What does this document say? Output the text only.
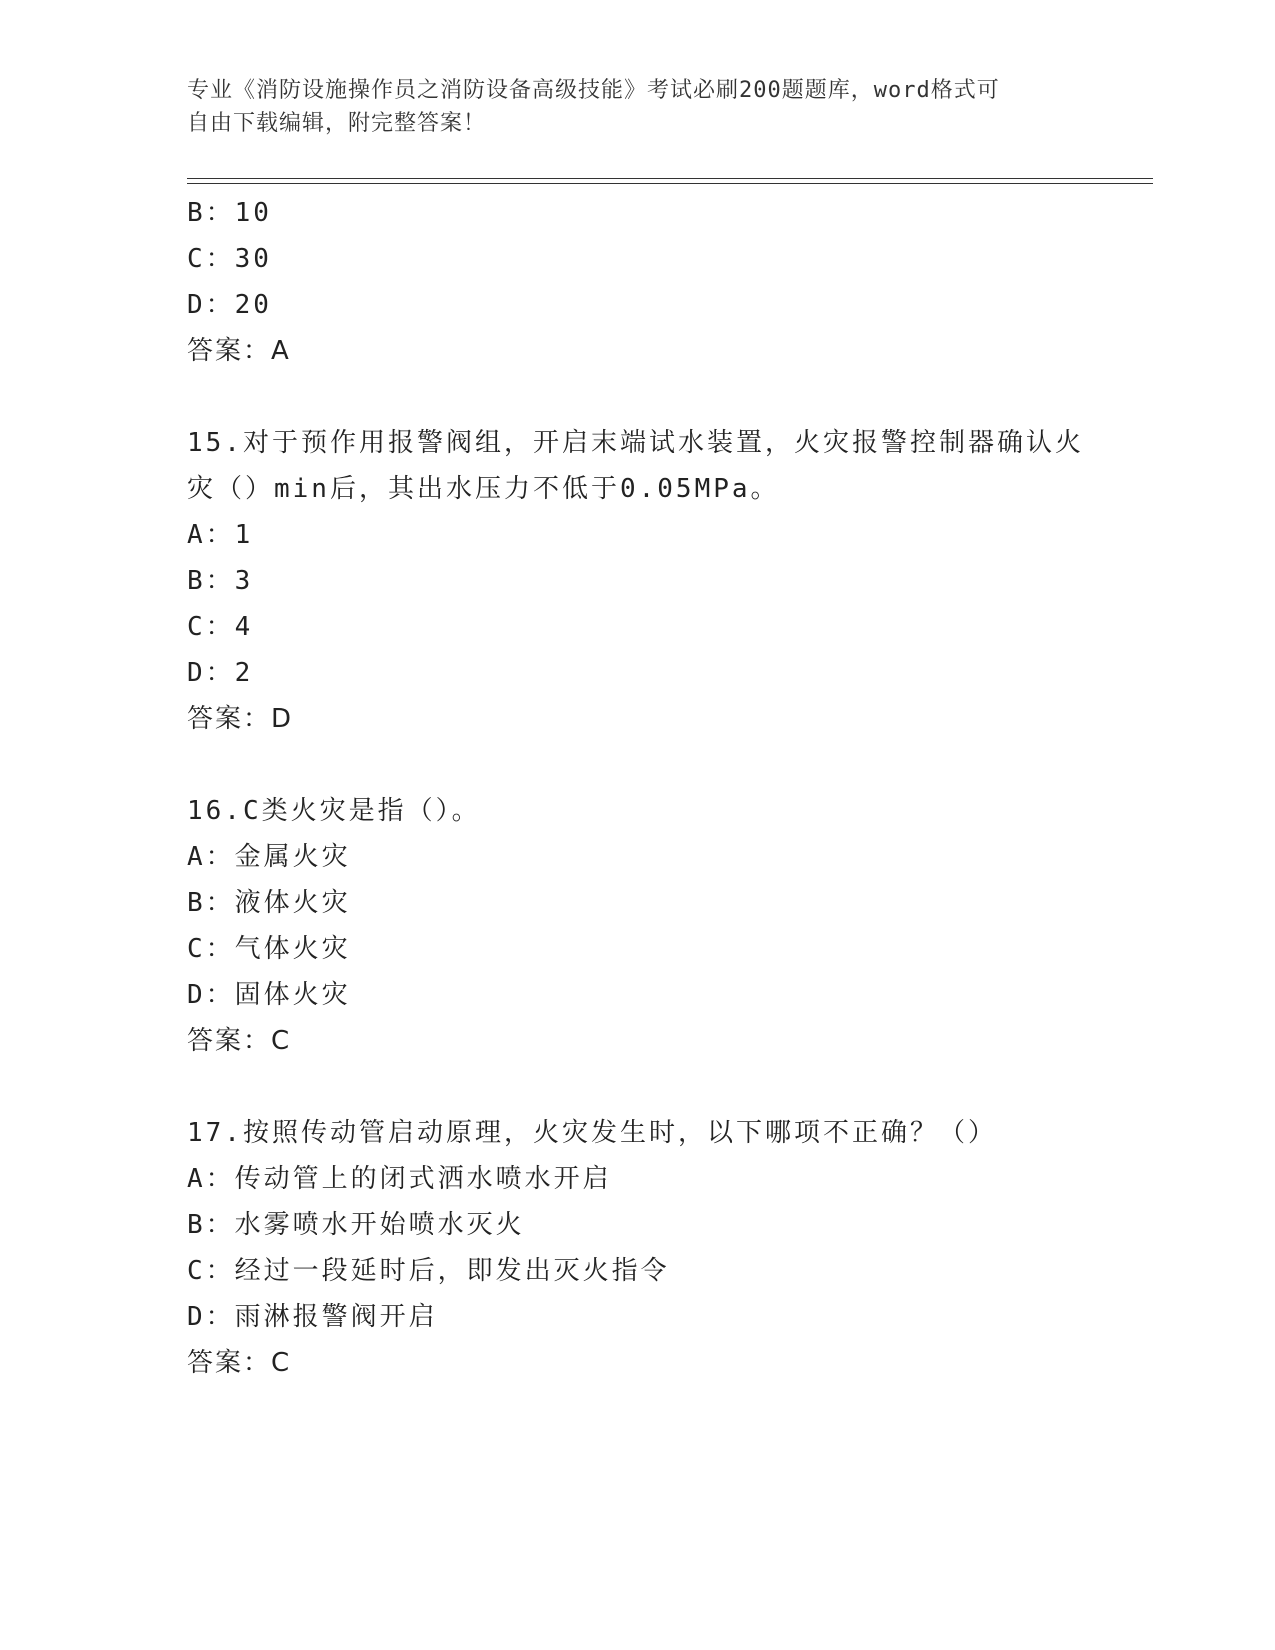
专业《消防设施操作员之消防设备高级技能》考试必刷200题题库，word格式可
自由下载编辑，附完整答案！
B：10
C：30
D：20
答案：A
15.对于预作用报警阀组，开启末端试水装置，火灾报警控制器确认火
灾（）min后，其出水压力不低于0.05MPa。
A：1
B：3
C：4
D：2
答案：D
16.C类火灾是指（）。
A：金属火灾
B：液体火灾
C：气体火灾
D：固体火灾
答案：C
17.按照传动管启动原理，火灾发生时，以下哪项不正确？（）
A：传动管上的闭式洒水喷水开启
B：水雾喷水开始喷水灭火
C：经过一段延时后，即发出灭火指令
D：雨淋报警阀开启
答案：C
